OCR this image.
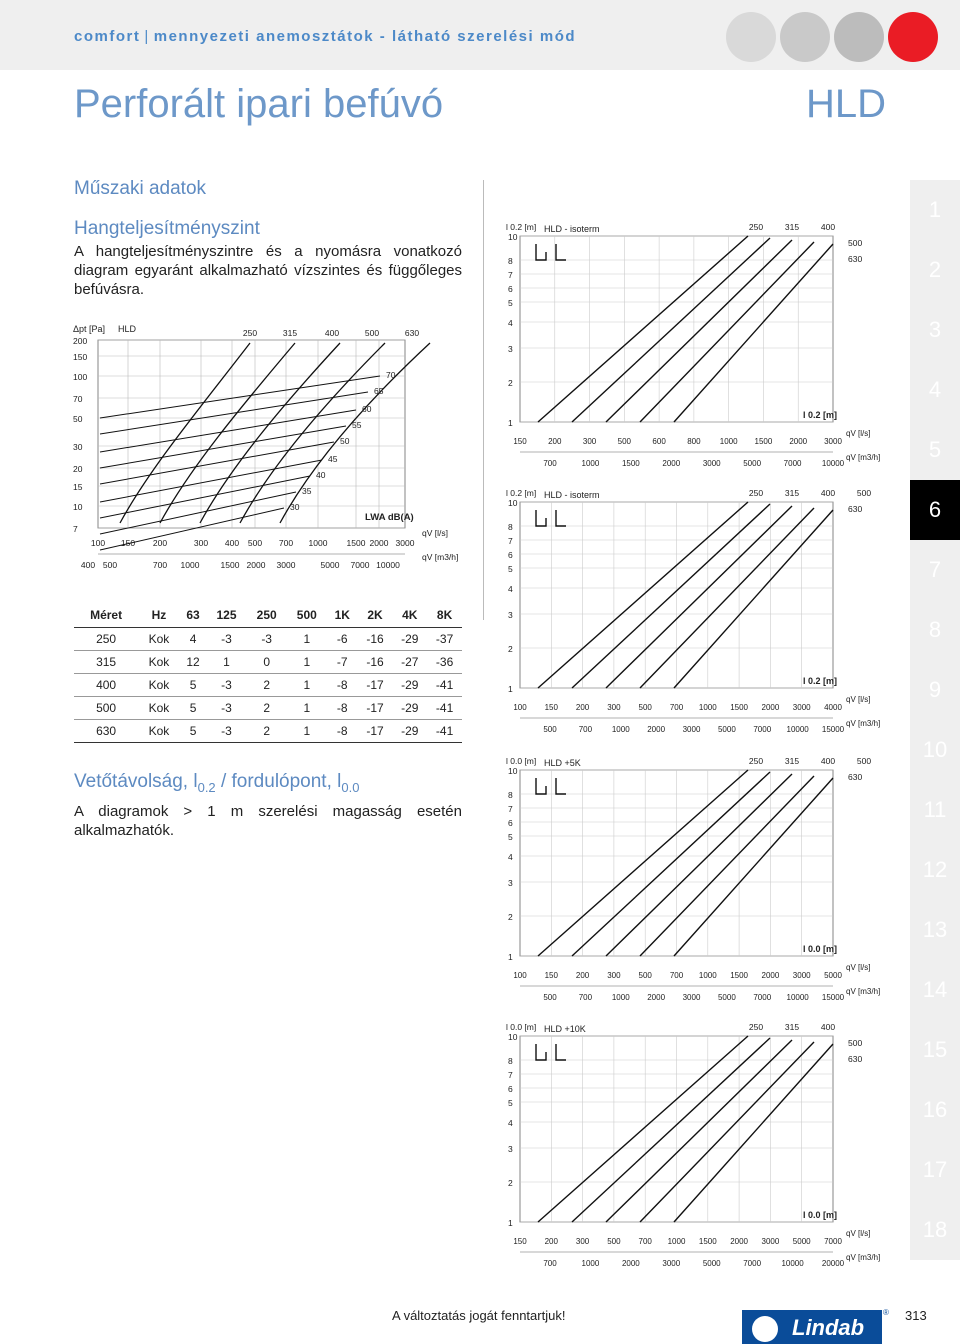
comfort | mennyezeti anemosztátok - látható szerelési mód
Perforált ipari befúvó	HLD
Műszaki adatok
Hangteljesítményszint
A hangteljesítményszintre és a nyomásra vonatkozó diagram egyaránt alkalmazható vízszintes és függőleges befúvásra.
200
150
100
70
50
30
20
15
10
7
100 150 200	300 400 500 700 1000 1500 2000 3000
400 500	700 1000 1500 2000 3000	5000 7000 10000
Δpt [Pa] HLD	250	315	400	500	630
70
65
60
55
50
45
40
35
30
LWA dB(A)
qV [l/s]
qV [m3/h]
Méret	Hz	63	125	250	500	1K	2K	4K	8K
250	Kok	4	-3	-3	1	-6	-16	-29	-37
315	Kok	12	1	0	1	-7	-16	-27	-36
400	Kok	5	-3	2	1	-8	-17	-29	-41
500	Kok	5	-3	2	1	-8	-17	-29	-41
630	Kok	5	-3	2	1	-8	-17	-29	-41
Vetőtávolság, $l_{0.2}$ / fordulópont, $l_{0.0}$
A diagramok > 1 m szerelési magasság esetén alkalmazhatók.
10
8
7
6
5
4
3
2
1
150	200	300	500	600	800 1000 1500 2000 3000
700	1000	1500	2000	3000	5000	7000	10000
l 0.2 [m] HLD - isoterm	250	315	400
500
630
l 0.2 [m]
qV [l/s]
qV [m3/h]
10
8
7
6
5
4
3
2
1
100 150 200 300 500 700 1000 1500 2000 3000 4000
500	700 1000 2000 3000 5000 7000 10000 15000
l 0.2 [m] HLD - isoterm	250	315	400	500
630
l 0.2 [m]
qV [l/s]
qV [m3/h]
10
8
7
6
5
4
3
2
1
100 150 200 300 500 700 1000 1500 2000 3000 5000
500	700 1000 2000 3000 5000 7000 10000 15000
l 0.0 [m] HLD +5K	250	315	400	500
630
l 0.0 [m]
qV [l/s]
qV [m3/h]
10
8
7
6
5
4
3
2
1
150 200 300 500 700 1000 1500 2000 3000 5000 7000
700	1000	2000	3000	5000	7000	10000 20000
l 0.0 [m] HLD +10K	250	315	400
500
630
l 0.0 [m]
qV [l/s]
qV [m3/h]
1
2
3
4
5
6
7
8
9
10
11
12
13
14
15
16
17
18
A változtatás jogát fenntartjuk!	Lindab
® 313
